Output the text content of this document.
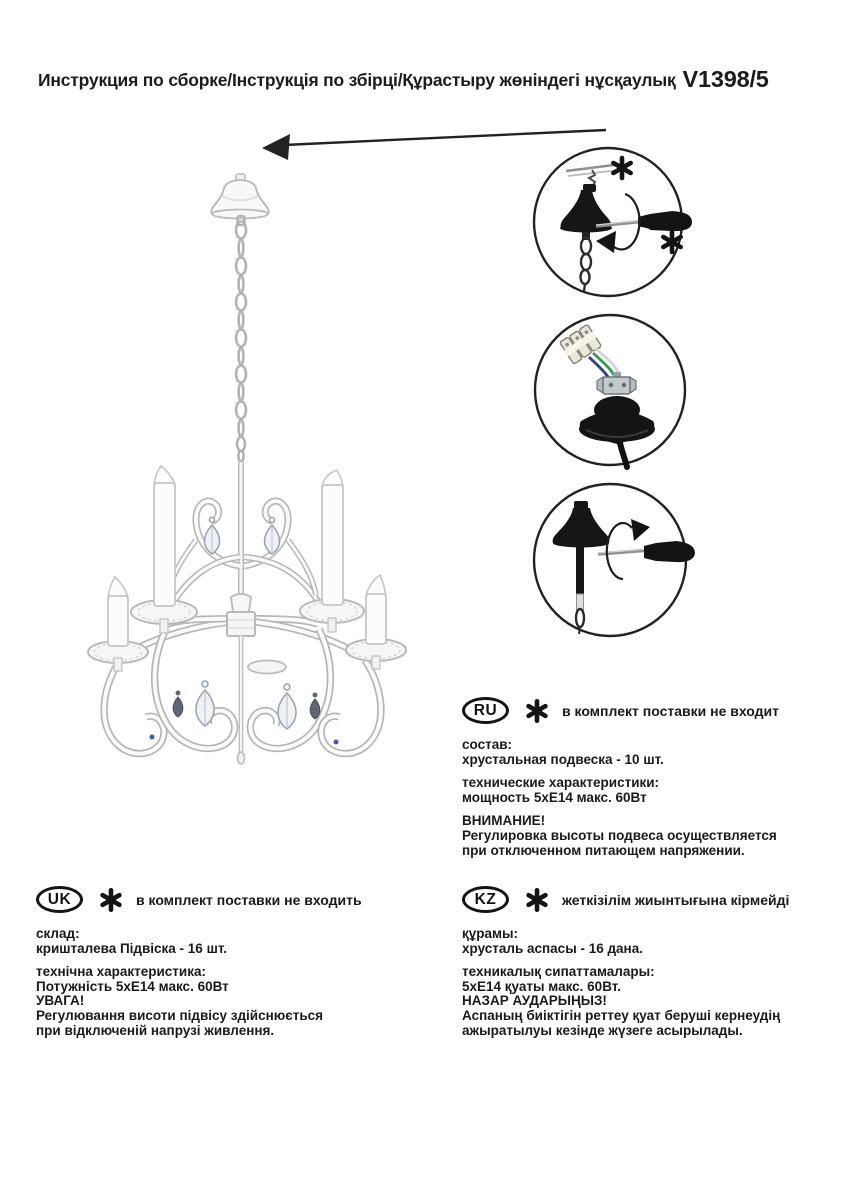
Инструкция по сборке/Інструкція по збірці/Құрастыру жөніндегі нұсқаулық V1398/5
RU	в комплект поставки не входит
состав:
хрустальная подвеска - 10 шт.
технические характеристики:
мощность 5хЕ14 макс. 60Вт
ВНИМАНИЕ!
Регулировка высоты подвеса осуществляется
при отключенном питающем напряжении.
UK	в комплект поставки не входить
склад:
кришталева Підвіска - 16 шт.
технічна характеристика:
Потужність 5хЕ14 макс. 60Вт
УВАГА!
Регулювання висоти підвісу здійснюється
при відключеній напрузі живлення.
KZ	жеткізілім жиынтығына кірмейді
құрамы:
хрусталь аспасы - 16 дана.
техникалық сипаттамалары:
5хЕ14 қуаты макс. 60Вт.
НАЗАР АУДАРЫҢЫЗ!
Аспаның биіктігін реттеу қуат беруші кернеудің
ажыратылуы кезінде жүзеге асырылады.
